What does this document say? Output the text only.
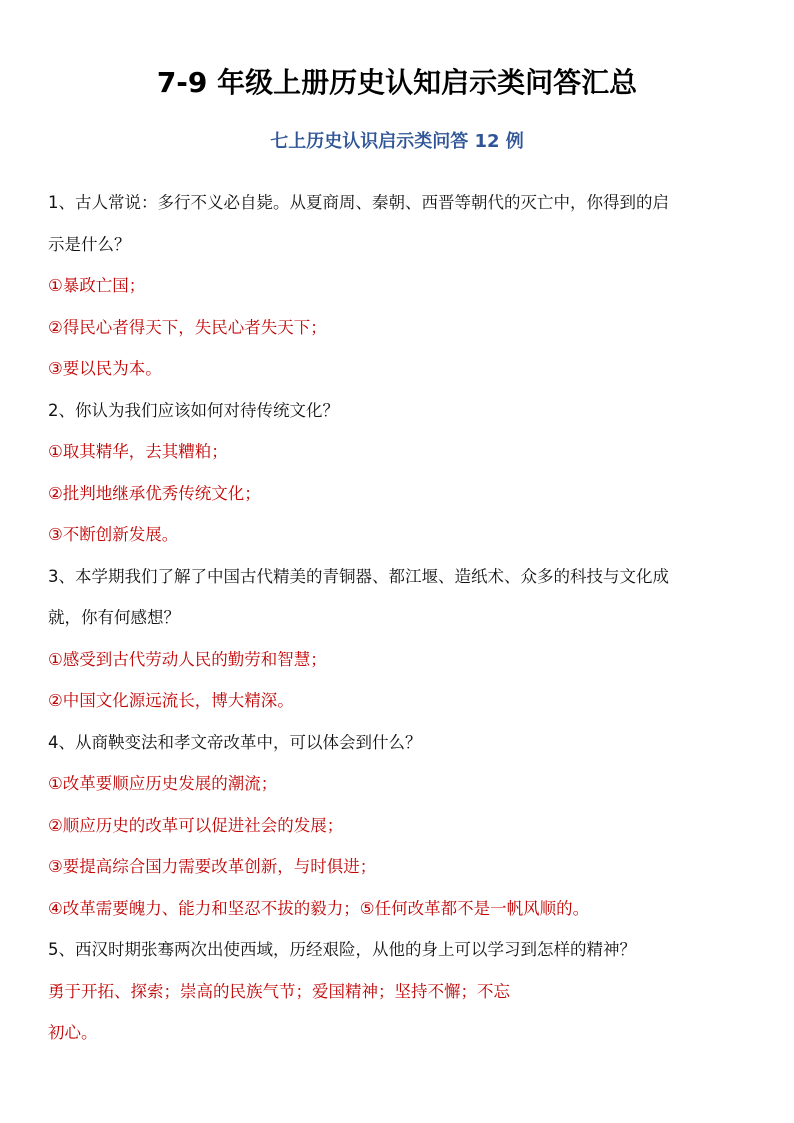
7-9 年级上册历史认知启示类问答汇总
七上历史认识启示类问答 12 例
1、古人常说：多行不义必自毙。从夏商周、秦朝、西晋等朝代的灭亡中，你得到的启
示是什么？
①暴政亡国；
②得民心者得天下，失民心者失天下；
③要以民为本。
2、你认为我们应该如何对待传统文化？
①取其精华，去其糟粕；
②批判地继承优秀传统文化；
③不断创新发展。
3、本学期我们了解了中国古代精美的青铜器、都江堰、造纸术、众多的科技与文化成
就，你有何感想？
①感受到古代劳动人民的勤劳和智慧；
②中国文化源远流长，博大精深。
4、从商鞅变法和孝文帝改革中，可以体会到什么？
①改革要顺应历史发展的潮流；
②顺应历史的改革可以促进社会的发展；
③要提高综合国力需要改革创新，与时俱进；
④改革需要魄力、能力和坚忍不拔的毅力；⑤任何改革都不是一帆风顺的。
5、西汉时期张骞两次出使西域，历经艰险，从他的身上可以学习到怎样的精神？
勇于开拓、探索；崇高的民族气节；爱国精神；坚持不懈；不忘
初心。
